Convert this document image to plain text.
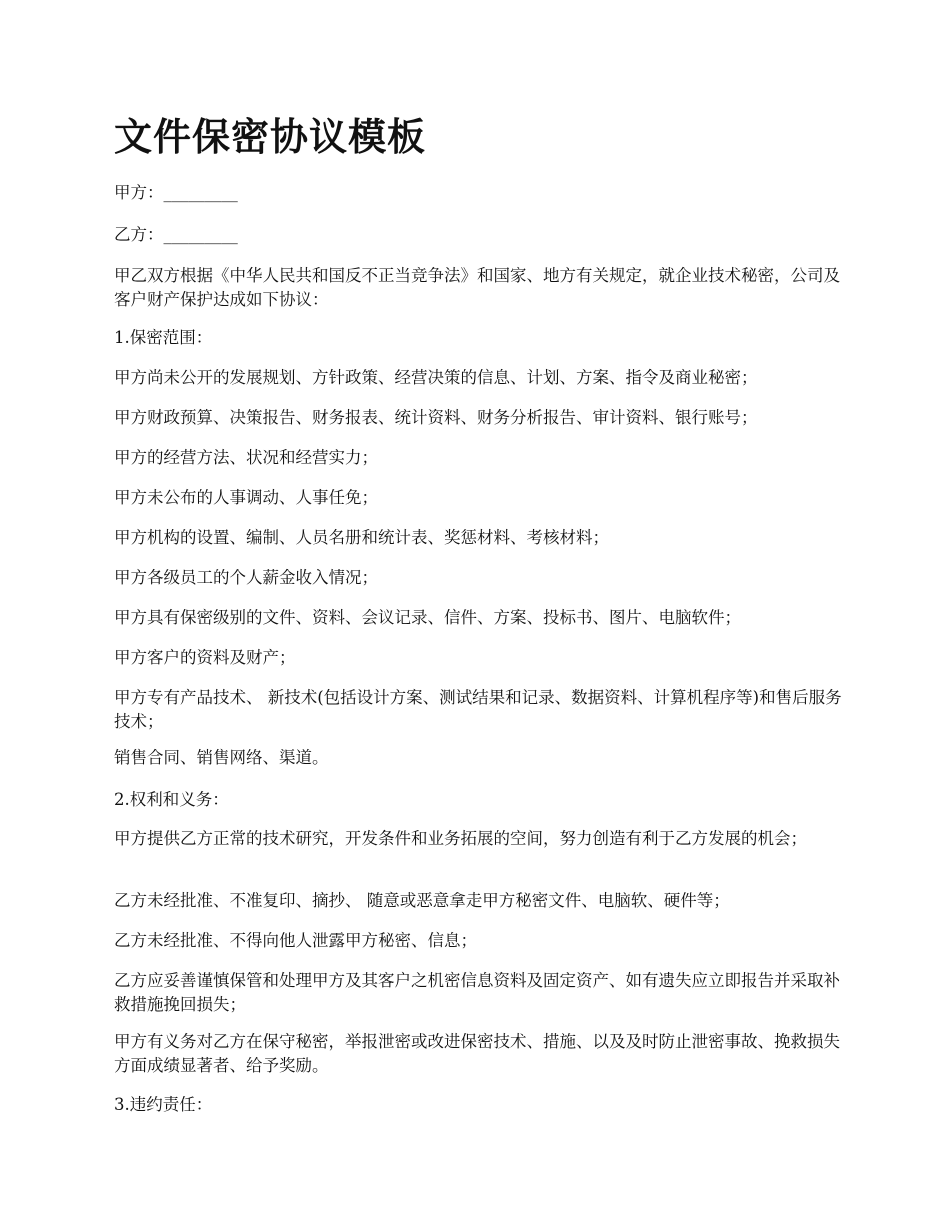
文件保密协议模板

甲方：_________

乙方：_________

甲乙双方根据《中华人民共和国反不正当竞争法》和国家、地方有关规定，就企业技术秘密，公司及客户财产保护达成如下协议：

1.保密范围：

甲方尚未公开的发展规划、方针政策、经营决策的信息、计划、方案、指令及商业秘密；

甲方财政预算、决策报告、财务报表、统计资料、财务分析报告、审计资料、银行账号；

甲方的经营方法、状况和经营实力；

甲方未公布的人事调动、人事任免；

甲方机构的设置、编制、人员名册和统计表、奖惩材料、考核材料；

甲方各级员工的个人薪金收入情况；

甲方具有保密级别的文件、资料、会议记录、信件、方案、投标书、图片、电脑软件；

甲方客户的资料及财产；

甲方专有产品技术、 新技术(包括设计方案、测试结果和记录、数据资料、计算机程序等)和售后服务技术；

销售合同、销售网络、渠道。

2.权利和义务：

甲方提供乙方正常的技术研究，开发条件和业务拓展的空间，努力创造有利于乙方发展的机会；

乙方未经批准、不准复印、摘抄、 随意或恶意拿走甲方秘密文件、电脑软、硬件等；

乙方未经批准、不得向他人泄露甲方秘密、信息；

乙方应妥善谨慎保管和处理甲方及其客户之机密信息资料及固定资产、如有遗失应立即报告并采取补救措施挽回损失；

甲方有义务对乙方在保守秘密，举报泄密或改进保密技术、措施、以及及时防止泄密事故、挽救损失方面成绩显著者、给予奖励。

3.违约责任：
